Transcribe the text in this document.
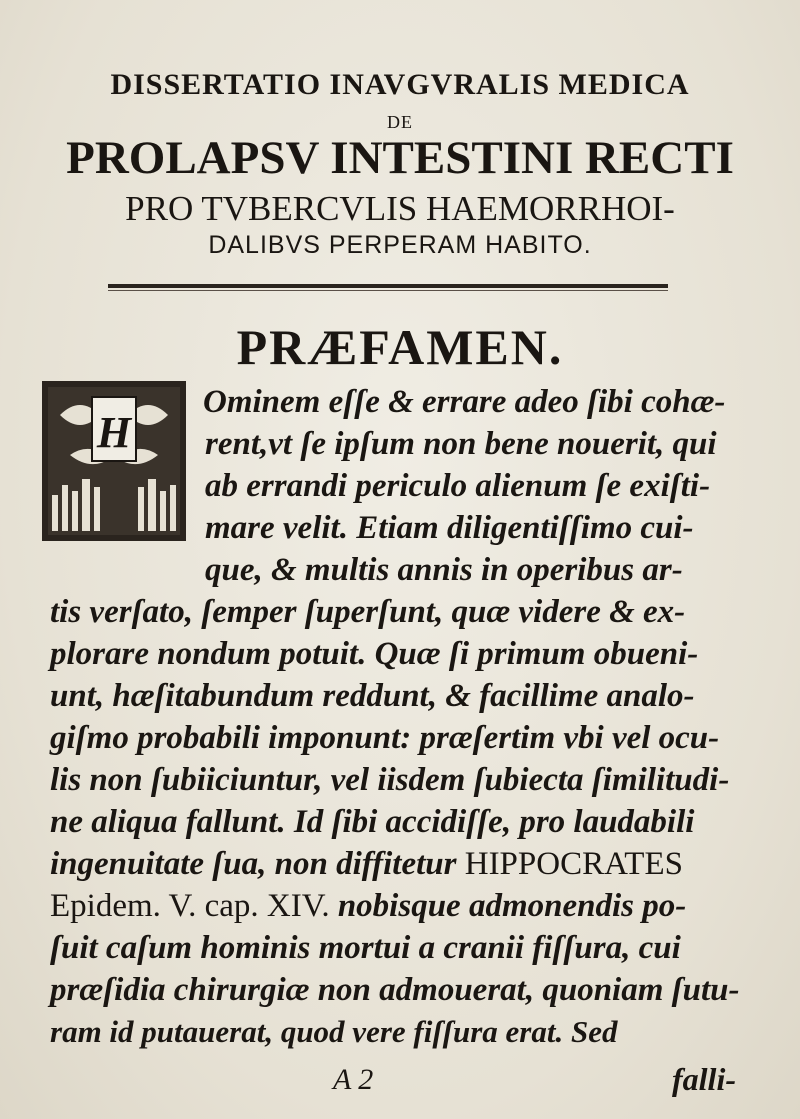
DISSERTATIO INAVGVRALIS MEDICA
DE
PROLAPSV INTESTINI RECTI
PRO TVBERCVLIS HAEMORRHOI-
DALIBVS PERPERAM HABITO.
PRÆFAMEN.
H
Ominem eſſe & errare adeo ſibi cohæ-
rent,vt ſe ipſum non bene nouerit, qui
ab errandi periculo alienum ſe exiſti-
mare velit. Etiam diligentiſſimo cui-
que, & multis annis in operibus ar-
tis verſato, ſemper ſuperſunt, quæ videre & ex-
plorare nondum potuit. Quæ ſi primum obueni-
unt, hæſitabundum reddunt, & facillime analo-
giſmo probabili imponunt: præſertim vbi vel ocu-
lis non ſubiiciuntur, vel iisdem ſubiecta ſimilitudi-
ne aliqua fallunt. Id ſibi accidiſſe, pro laudabili
ingenuitate ſua, non diffitetur HIPPOCRATES
Epidem. V. cap. XIV. nobisque admonendis po-
ſuit caſum hominis mortui a cranii fiſſura, cui
præſidia chirurgiæ non admouerat, quoniam ſutu-
ram id putauerat, quod vere fiſſura erat. Sed
A 2	falli-
